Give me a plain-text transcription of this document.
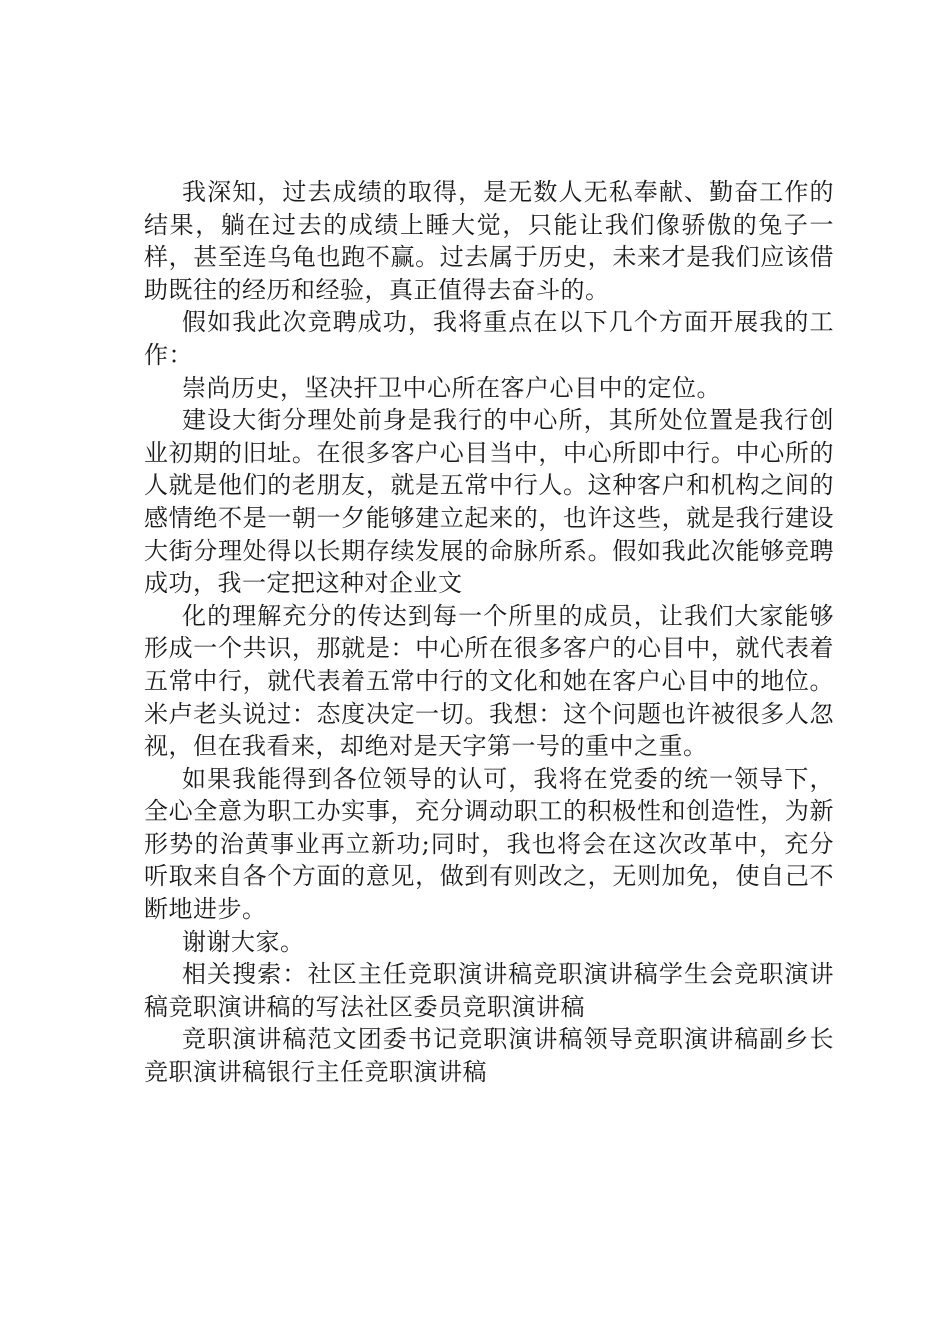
我深知，过去成绩的取得，是无数人无私奉献、勤奋工作的结果，躺在过去的成绩上睡大觉，只能让我们像骄傲的兔子一样，甚至连乌龟也跑不赢。过去属于历史，未来才是我们应该借助既往的经历和经验，真正值得去奋斗的。

假如我此次竞聘成功，我将重点在以下几个方面开展我的工作：

崇尚历史，坚决扞卫中心所在客户心目中的定位。

建设大街分理处前身是我行的中心所，其所处位置是我行创业初期的旧址。在很多客户心目当中，中心所即中行。中心所的人就是他们的老朋友，就是五常中行人。这种客户和机构之间的感情绝不是一朝一夕能够建立起来的，也许这些，就是我行建设大街分理处得以长期存续发展的命脉所系。假如我此次能够竞聘成功，我一定把这种对企业文

化的理解充分的传达到每一个所里的成员，让我们大家能够形成一个共识，那就是：中心所在很多客户的心目中，就代表着五常中行，就代表着五常中行的文化和她在客户心目中的地位。米卢老头说过：态度决定一切。我想：这个问题也许被很多人忽视，但在我看来，却绝对是天字第一号的重中之重。

如果我能得到各位领导的认可，我将在党委的统一领导下，全心全意为职工办实事，充分调动职工的积极性和创造性，为新形势的治黄事业再立新功;同时，我也将会在这次改革中，充分听取来自各个方面的意见，做到有则改之，无则加免，使自己不断地进步。

谢谢大家。

相关搜索：社区主任竞职演讲稿竞职演讲稿学生会竞职演讲稿竞职演讲稿的写法社区委员竞职演讲稿

竞职演讲稿范文团委书记竞职演讲稿领导竞职演讲稿副乡长竞职演讲稿银行主任竞职演讲稿
